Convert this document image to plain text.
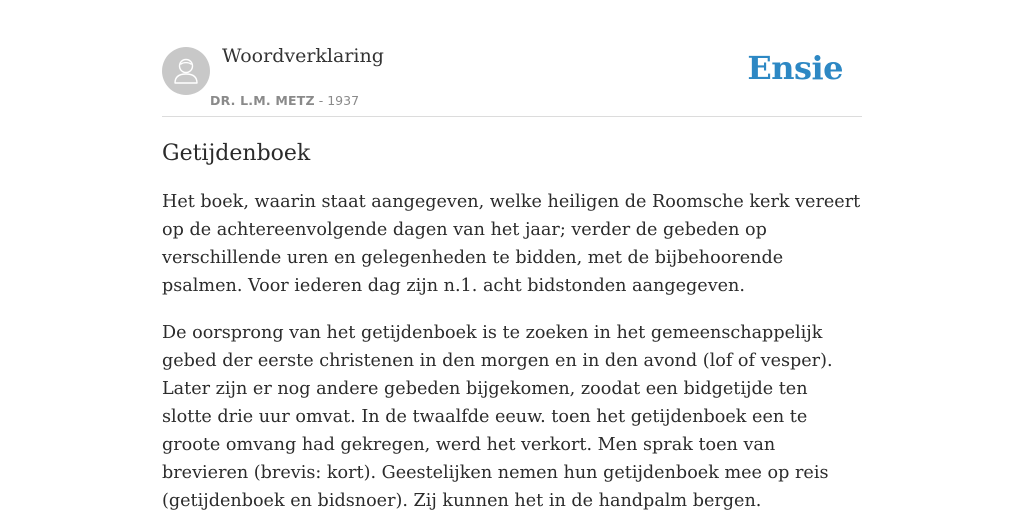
Woordverklaring
DR. L.M. METZ - 1937
Ensie
Getijdenboek

Het boek, waarin staat aangegeven, welke heiligen de Roomsche kerk vereert op de achtereenvolgende dagen van het jaar; verder de gebeden op verschillende uren en gelegenheden te bidden, met de bijbehoorende psalmen. Voor iederen dag zijn n.1. acht bidstonden aangegeven.

De oorsprong van het getijdenboek is te zoeken in het gemeenschappelijk gebed der eerste christenen in den morgen en in den avond (lof of vesper). Later zijn er nog andere gebeden bijgekomen, zoodat een bidgetijde ten slotte drie uur omvat. In de twaalfde eeuw. toen het getijdenboek een te groote omvang had gekregen, werd het verkort. Men sprak toen van brevieren (brevis: kort). Geestelijken nemen hun getijdenboek mee op reis (getijdenboek en bidsnoer). Zij kunnen het in de handpalm bergen.
